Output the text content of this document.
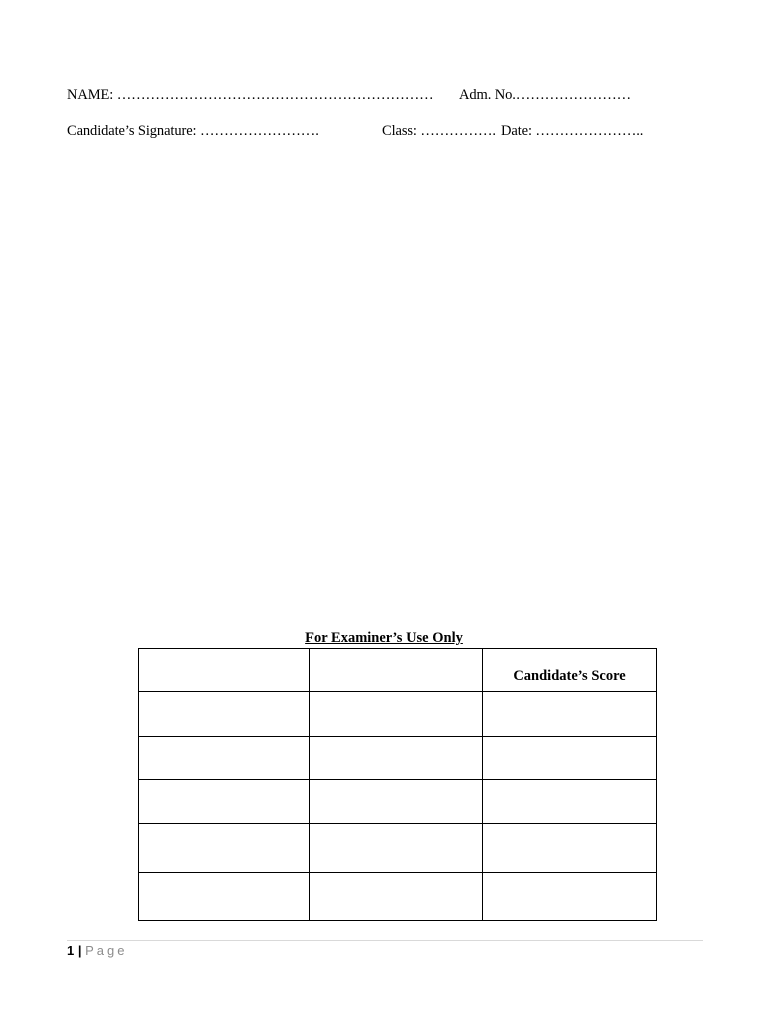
NAME: ………………………………………………………… Adm. No.……………………
Candidate’s Signature: …………………….	Class: ……………. Date: …………………..
For Examiner’s Use Only
		Candidate’s Score

1 | Page
